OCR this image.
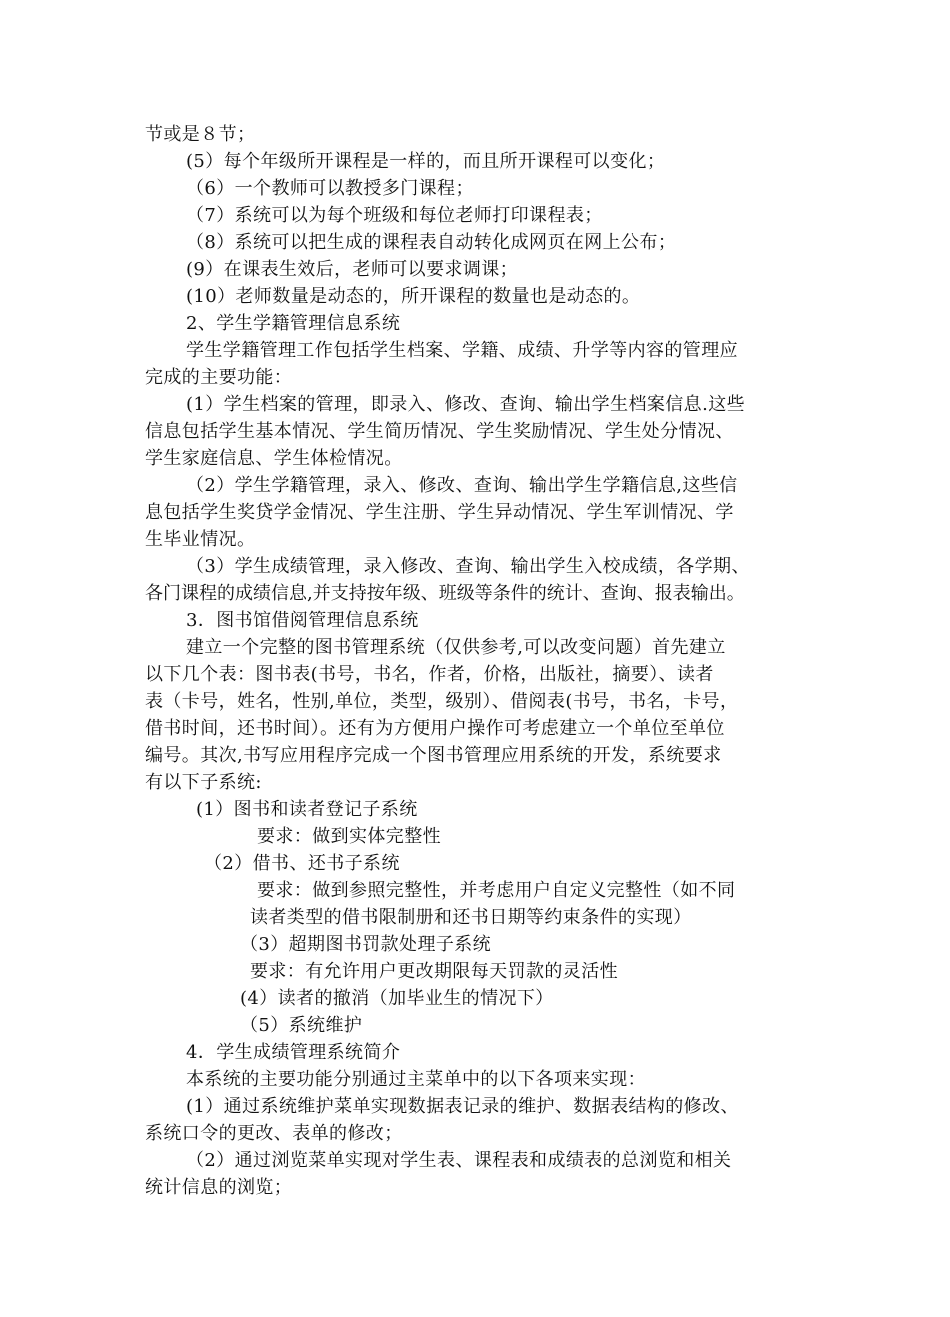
节或是８节；
(5）每个年级所开课程是一样的，而且所开课程可以变化；
（6）一个教师可以教授多门课程；
（7）系统可以为每个班级和每位老师打印课程表；
（8）系统可以把生成的课程表自动转化成网页在网上公布；
(9）在课表生效后，老师可以要求调课；
(10）老师数量是动态的，所开课程的数量也是动态的。
2、学生学籍管理信息系统
学生学籍管理工作包括学生档案、学籍、成绩、升学等内容的管理应
完成的主要功能：
(1）学生档案的管理，即录入、修改、查询、输出学生档案信息.这些
信息包括学生基本情况、学生简历情况、学生奖励情况、学生处分情况、
学生家庭信息、学生体检情况。
（2）学生学籍管理，录入、修改、查询、输出学生学籍信息,这些信
息包括学生奖贷学金情况、学生注册、学生异动情况、学生军训情况、学
生毕业情况。
（3）学生成绩管理，录入修改、查询、输出学生入校成绩，各学期、
各门课程的成绩信息,并支持按年级、班级等条件的统计、查询、报表输出。
3．图书馆借阅管理信息系统
建立一个完整的图书管理系统（仅供参考,可以改变问题）首先建立
以下几个表：图书表(书号，书名，作者，价格，出版社，摘要）、读者
表（卡号，姓名，性别,单位，类型，级别）、借阅表(书号，书名，卡号，
借书时间，还书时间）。还有为方便用户操作可考虑建立一个单位至单位
编号。其次,书写应用程序完成一个图书管理应用系统的开发，系统要求
有以下子系统:
(1）图书和读者登记子系统
要求：做到实体完整性
（2）借书、还书子系统
要求：做到参照完整性，并考虑用户自定义完整性（如不同
读者类型的借书限制册和还书日期等约束条件的实现）
（3）超期图书罚款处理子系统
要求：有允许用户更改期限每天罚款的灵活性
(4）读者的撤消（加毕业生的情况下）
（5）系统维护
4．学生成绩管理系统简介
本系统的主要功能分别通过主菜单中的以下各项来实现：
(1）通过系统维护菜单实现数据表记录的维护、数据表结构的修改、
系统口令的更改、表单的修改；
（2）通过浏览菜单实现对学生表、课程表和成绩表的总浏览和相关
统计信息的浏览；
